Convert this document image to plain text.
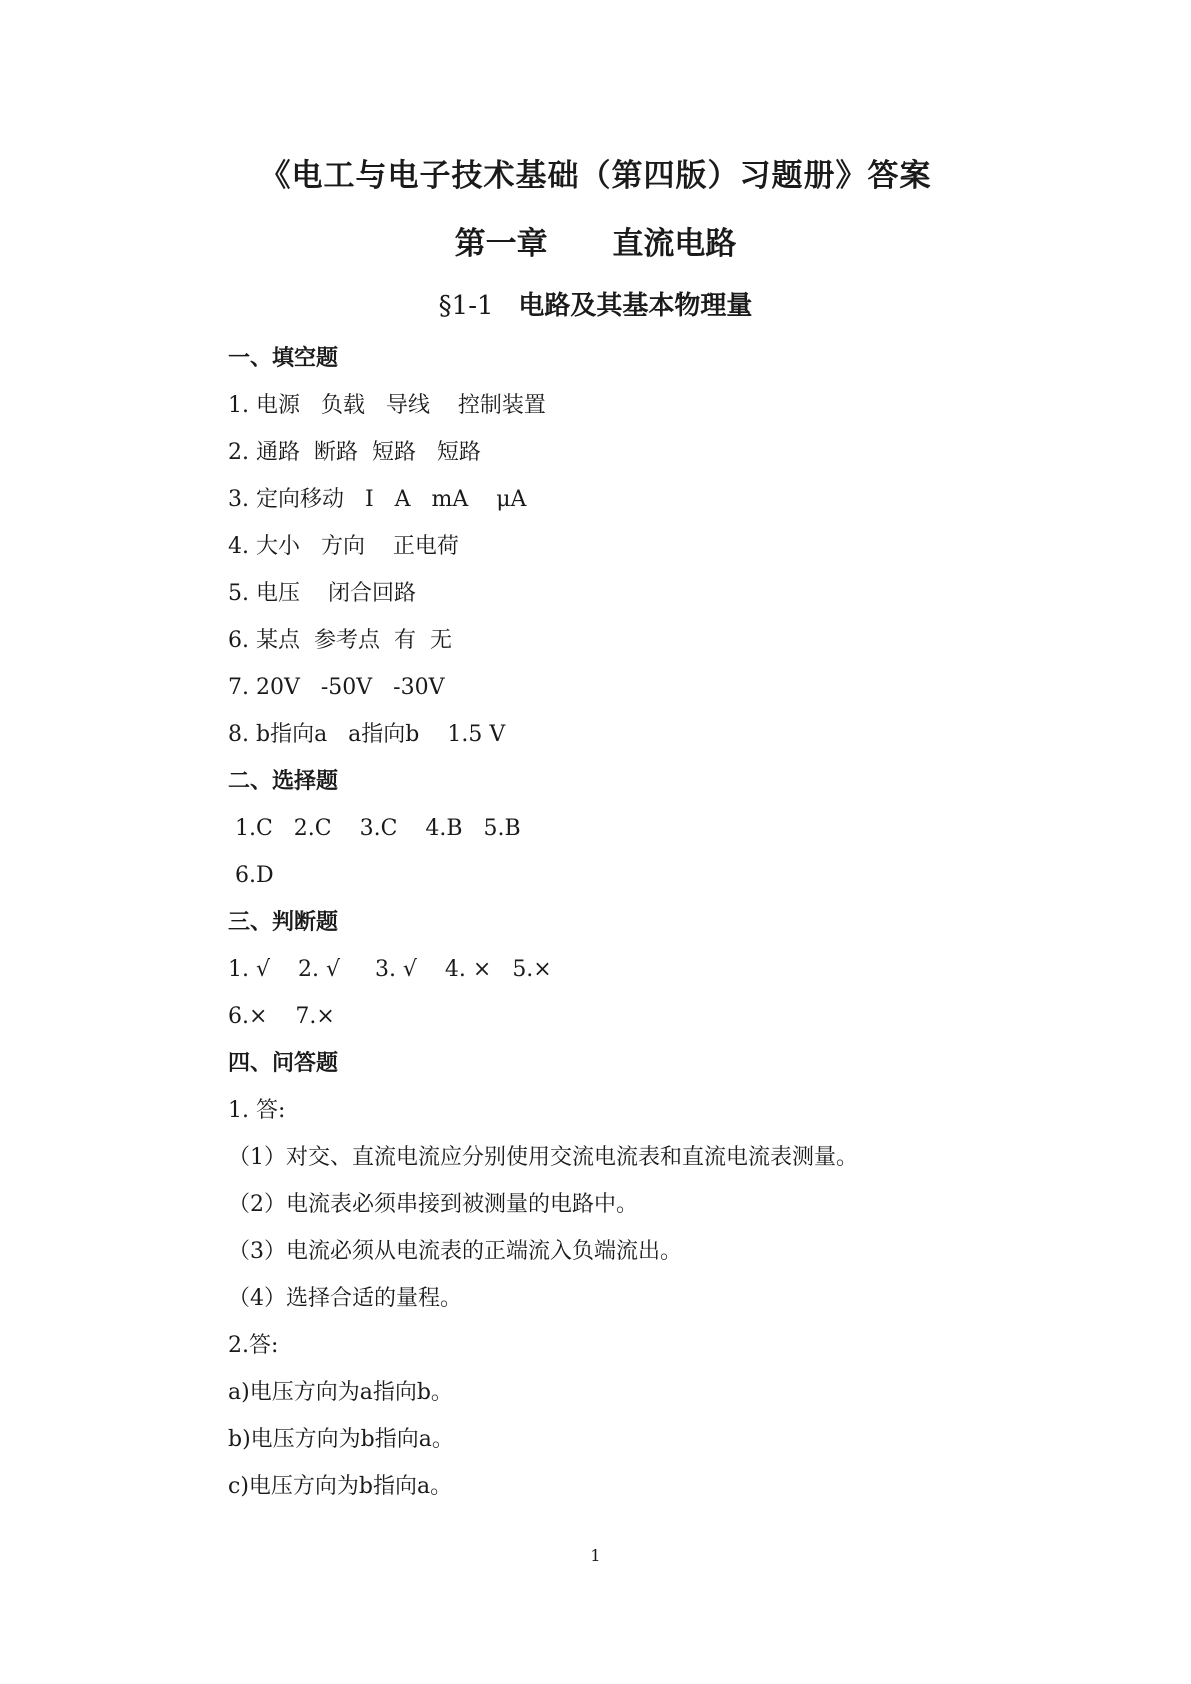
《电工与电子技术基础（第四版）习题册》答案
第一章      直流电路
§1-1   电路及其基本物理量
一、填空题
1. 电源   负载   导线    控制装置
2. 通路  断路  短路   短路
3. 定向移动   I   A   mA    μA
4. 大小   方向    正电荷
5. 电压    闭合回路
6. 某点  参考点  有  无
7. 20V   -50V   -30V
8. b指向a   a指向b    1.5 V
二、选择题
1.C   2.C    3.C    4.B   5.B
6.D
三、判断题
1. √    2. √     3. √    4. ×   5.×
6.×    7.×
四、问答题
1. 答:
（1）对交、直流电流应分别使用交流电流表和直流电流表测量。
（2）电流表必须串接到被测量的电路中。
（3）电流必须从电流表的正端流入负端流出。
（4）选择合适的量程。
2.答:
a)电压方向为a指向b。
b)电压方向为b指向a。
c)电压方向为b指向a。
1
